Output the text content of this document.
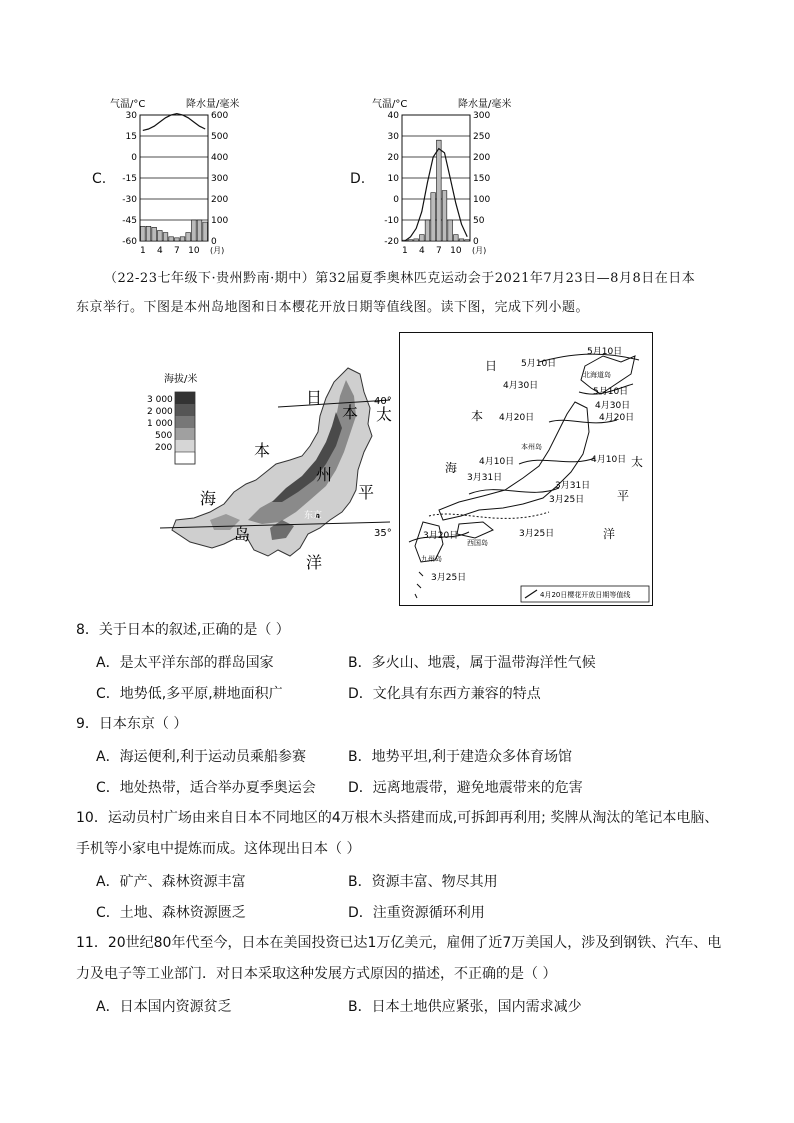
C.
气温/°C	降水量/毫米
30	600
15	500
0	400
-15	300
-30	200
-45	100
-60	0
1 4 7 10 (月)
D.
气温/°C	降水量/毫米
40	300
30	250
20	200
10	150
0	100
-10	50
-20	0
1 4 7 10 (月)
（22-23七年级下·贵州黔南·期中）第32届夏季奥林匹克运动会于2021年7月23日—8月8日在日本
东京举行。下图是本州岛地图和日本樱花开放日期等值线图。读下图，完成下列小题。
海拔/米
3 000
2 000
1 000
500
200
40°
35°
日
本
海
本
州
岛
太
平
洋
东京
5月10日
5月10日
4月30日
5月10日
4月30日
4月20日
4月20日
4月10日
4月10日
3月31日
3月31日
3月25日
3月25日
3月20日
3月25日
北海道岛
本州岛
西国岛
九州岛
日
本
海	太
平
洋
4月20日樱花开放日期等值线
8．关于日本的叙述,正确的是（ ）
A．是太平洋东部的群岛国家	B．多火山、地震，属于温带海洋性气候
C．地势低,多平原,耕地面积广	D．文化具有东西方兼容的特点
9．日本东京（ ）
A．海运便利,利于运动员乘船参赛	B．地势平坦,利于建造众多体育场馆
C．地处热带，适合举办夏季奥运会 D．远离地震带，避免地震带来的危害
10．运动员村广场由来自日本不同地区的4万根木头搭建而成,可拆卸再利用; 奖牌从淘汰的笔记本电脑、
手机等小家电中提炼而成。这体现出日本（ ）
A．矿产、森林资源丰富	B．资源丰富、物尽其用
C．土地、森林资源匮乏	D．注重资源循环利用
11．20世纪80年代至今，日本在美国投资已达1万亿美元，雇佣了近7万美国人，涉及到钢铁、汽车、电
力及电子等工业部门．对日本采取这种发展方式原因的描述，不正确的是（ ）
A．日本国内资源贫乏	B．日本土地供应紧张，国内需求减少
